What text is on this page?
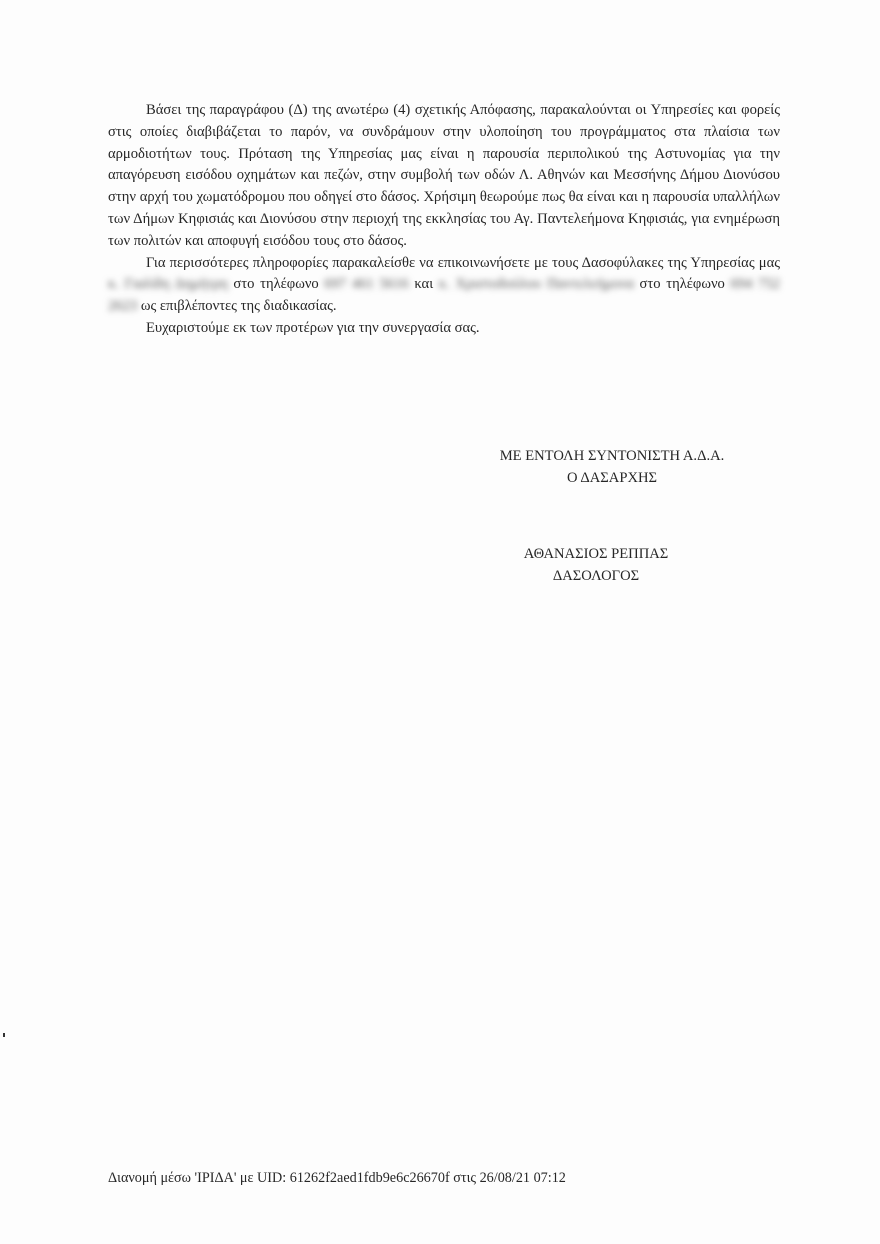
Βάσει της παραγράφου (Δ) της ανωτέρω (4) σχετικής Απόφασης, παρακαλούνται οι Υπηρεσίες και φορείς στις οποίες διαβιβάζεται το παρόν, να συνδράμουν στην υλοποίηση του προγράμματος στα πλαίσια των αρμοδιοτήτων τους. Πρόταση της Υπηρεσίας μας είναι η παρουσία περιπολικού της Αστυνομίας για την απαγόρευση εισόδου οχημάτων και πεζών, στην συμβολή των οδών Λ. Αθηνών και Μεσσήνης Δήμου Διονύσου στην αρχή του χωματόδρομου που οδηγεί στο δάσος. Χρήσιμη θεωρούμε πως θα είναι και η παρουσία υπαλλήλων των Δήμων Κηφισιάς και Διονύσου στην περιοχή της εκκλησίας του Αγ. Παντελεήμονα Κηφισιάς, για ενημέρωση των πολιτών και αποφυγή εισόδου τους στο δάσος.

Για περισσότερες πληροφορίες παρακαλείσθε να επικοινωνήσετε με τους Δασοφύλακες της Υπηρεσίας μας κ. Γιαλίδη Δημήτρη στο τηλέφωνο 697 461 5616 και κ. Χριστοδούλου Παντελεήμονα στο τηλέφωνο 694 752 2623 ως επιβλέποντες της διαδικασίας.

Ευχαριστούμε εκ των προτέρων για την συνεργασία σας.

ΜΕ ΕΝΤΟΛΗ ΣΥΝΤΟΝΙΣΤΗ Α.Δ.Α.
Ο ΔΑΣΑΡΧΗΣ
ΑΘΑΝΑΣΙΟΣ ΡΕΠΠΑΣ
ΔΑΣΟΛΟΓΟΣ
Διανομή μέσω 'ΙΡΙΔΑ' με UID: 61262f2aed1fdb9e6c26670f στις 26/08/21 07:12
